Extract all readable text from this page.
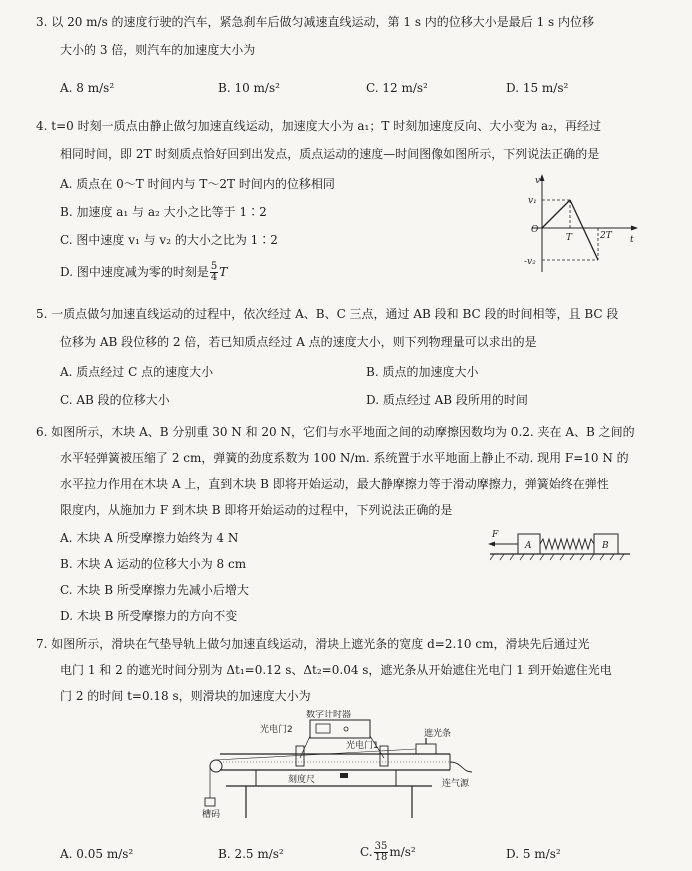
3. 以 20 m/s 的速度行驶的汽车，紧急刹车后做匀减速直线运动，第 1 s 内的位移大小是最后 1 s 内位移
大小的 3 倍，则汽车的加速度大小为
A. 8 m/s²	B. 10 m/s²	C. 12 m/s²	D. 15 m/s²
4. t=0 时刻一质点由静止做匀加速直线运动，加速度大小为 a₁；T 时刻加速度反向、大小变为 a₂，再经过
相同时间，即 2T 时刻质点恰好回到出发点，质点运动的速度—时间图像如图所示，下列说法正确的是
A. 质点在 0～T 时间内与 T～2T 时间内的位移相同
B. 加速度 a₁ 与 a₂ 大小之比等于 1∶2
C. 图中速度 v₁ 与 v₂ 的大小之比为 1∶2
D. 图中速度减为零的时刻是 $\frac{5}{4}$ T
v
v₁
O
T	2T t
-v₂
5. 一质点做匀加速直线运动的过程中，依次经过 A、B、C 三点，通过 AB 段和 BC 段的时间相等，且 BC 段
位移为 AB 段位移的 2 倍，若已知质点经过 A 点的速度大小，则下列物理量可以求出的是
A. 质点经过 C 点的速度大小	B. 质点的加速度大小
C. AB 段的位移大小	D. 质点经过 AB 段所用的时间
6. 如图所示，木块 A、B 分别重 30 N 和 20 N，它们与水平地面之间的动摩擦因数均为 0.2. 夹在 A、B 之间的
水平轻弹簧被压缩了 2 cm，弹簧的劲度系数为 100 N/m. 系统置于水平地面上静止不动. 现用 F=10 N 的
水平拉力作用在木块 A 上，直到木块 B 即将开始运动，最大静摩擦力等于滑动摩擦力，弹簧始终在弹性
限度内，从施加力 F 到木块 B 即将开始运动的过程中，下列说法正确的是
A. 木块 A 所受摩擦力始终为 4 N
B. 木块 A 运动的位移大小为 8 cm
C. 木块 B 所受摩擦力先减小后增大
D. 木块 B 所受摩擦力的方向不变
F
A	B
7. 如图所示，滑块在气垫导轨上做匀加速直线运动，滑块上遮光条的宽度 d=2.10 cm，滑块先后通过光
电门 1 和 2 的遮光时间分别为 Δt₁=0.12 s、Δt₂=0.04 s，遮光条从开始遮住光电门 1 到开始遮住光电
门 2 的时间 t=0.18 s，则滑块的加速度大小为
数字计时器
光电门2
光电门1
遮光条
连气源
槽码
刻度尺
A. 0.05 m/s²	B. 2.5 m/s²	C. $\frac{35}{18} m/s^2$	D. 5 m/s²
